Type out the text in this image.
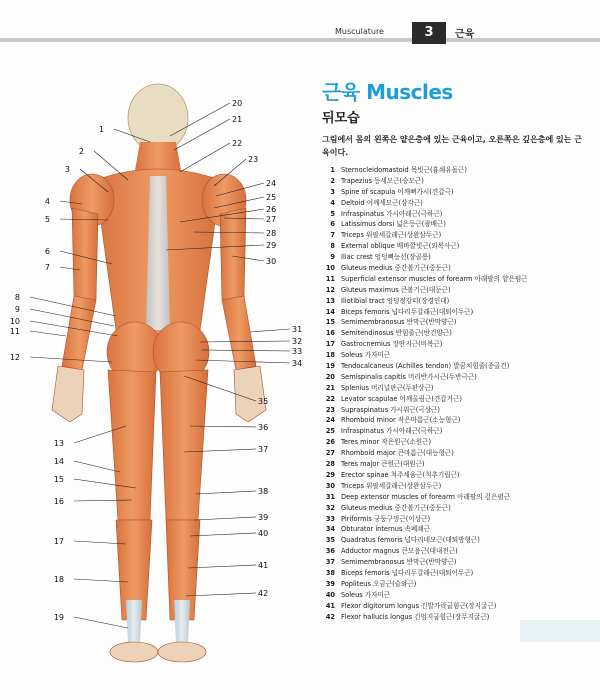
Musculature	3	근육
근육 Muscles
뒤모습
그림에서 몸의 왼쪽은 얕은층에 있는 근육이고, 오른쪽은 깊은층에 있는 근육이다.
1 Sternocleidomastoid 목빗근(흉쇄유돌근)
2 Trapezius 등세모근(승모근)
3 Spine of scapula 어깨뼈가시(견갑극)
4 Deltoid 어깨세모근(삼각근)
5 Infraspinatus 가시아래근(극하근)
6 Latissimus dorsi 넓은등근(광배근)
7 Triceps 위팔세갈래근(상완삼두근)
8 External oblique 배바깥빗근(외복사근)
9 Iliac crest 엉덩뼈능선(장골릉)
10 Gluteus medius 중간볼기근(중둔근)
11 Superficial extensor muscles of forearm 아래팔의 얕은펌근
12 Gluteus maximus 큰볼기근(대둔근)
13 Iliotibial tract 엉덩정강띠(장경인대)
14 Biceps femoris 넙다리두갈래근(대퇴이두근)
15 Semimembranosus 반막근(반막양근)
16 Semitendinosus 반힘줄근(반건양근)
17 Gastrocnemius 장딴지근(비복근)
18 Soleus 가자미근
19 Tendocalcaneus (Achilles tendon) 발꿈치힘줄(종골건)
20 Semispinalis capitis 머리반가시근(두반극근)
21 Splenius 머리널판근(두판상근)
22 Levator scapulae 어깨올림근(견갑거근)
23 Supraspinatus 가시위근(극상근)
24 Rhomboid minor 작은마름근(소능형근)
25 Infraspinatus 가시아래근(극하근)
26 Teres minor 작은원근(소원근)
27 Rhomboid major 큰마름근(대능형근)
28 Teres major 큰원근(대원근)
29 Erector spinae 척주세움근(척추기립근)
30 Triceps 위팔세갈래근(상완삼두근)
31 Deep extensor muscles of forearm 아래팔의 깊은펌근
32 Gluteus medius 중간볼기근(중둔근)
33 Piriformis 궁둥구멍근(이상근)
34 Obturator internus 속폐쇄근
35 Quadratus femoris 넙다리네모근(대퇴방형근)
36 Adductor magnus 큰모음근(대내전근)
37 Semimembranosus 반막근(반막양근)
38 Biceps femoris 넙다리두갈래근(대퇴이두근)
39 Popliteus 오금근(슬와근)
40 Soleus 가자미근
41 Flexor digitorum longus 긴발가락굽힘근(장지굴근)
42 Flexor hallucis longus 긴엄지굽힘근(장무지굴근)
1
2
3
4
5
6
7
8
9
10
11
12
13
14
15
16
17
18
19
20
21
22
23
24
25
26
27
28
29
30
31
32
33
34
35
36
37
38
39
40
41
42
